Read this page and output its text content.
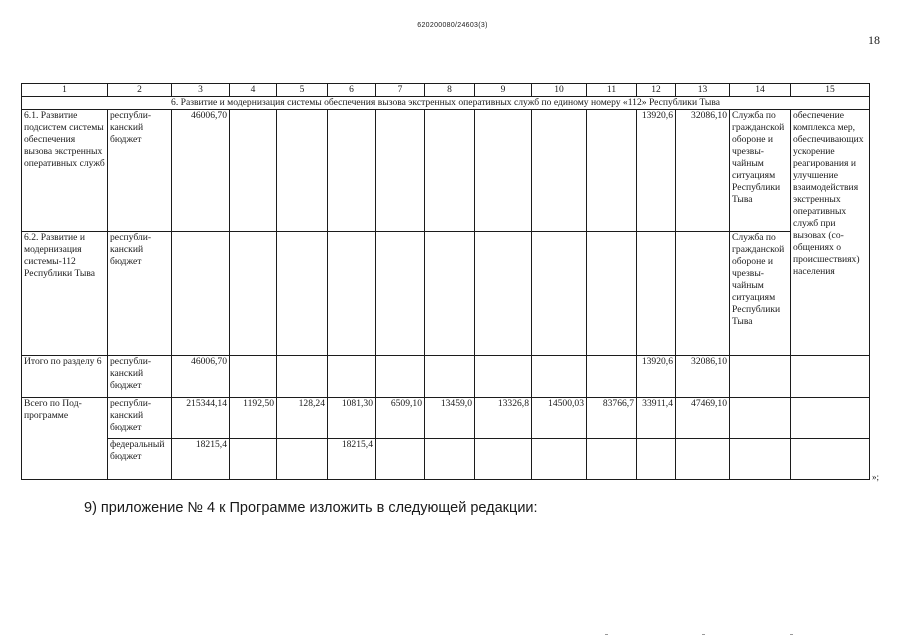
620200080/24603(3)
18
1	2	3	4	5	6	7	8	9	10	11	12	13	14	15
6. Развитие и модернизация системы обеспечения вызова экстренных оперативных служб по единому номеру «112» Республики Тыва														
6.1. Развитие подсистем системы обеспечения вызова экстренных оперативных служб	республиканский бюджет	46006,70									13920,6	32086,10	Служба по гражданской обороне и чрезвычайным ситуациям Республики Тыва	обеспечение комплекса мер, обеспечивающих ускорение реагирования и улучшение взаимодействия экстренных оперативных служб при вызовах (сообщениях о происшествиях) населения
6.2. Развитие и модернизация системы-112 Республики Тыва	республиканский бюджет												Служба по гражданской обороне и чрезвычайным ситуациям Республики Тыва	
Итого по разделу 6	республиканский бюджет	46006,70									13920,6	32086,10		
Всего по Подпрограмме	республиканский бюджет	215344,14	1192,50	128,24	1081,30	6509,10	13459,0	13326,8	14500,03	83766,7	33911,4	47469,10		
	федеральный бюджет	18215,4			18215,4									
»;
9) приложение № 4 к Программе изложить в следующей редакции:
